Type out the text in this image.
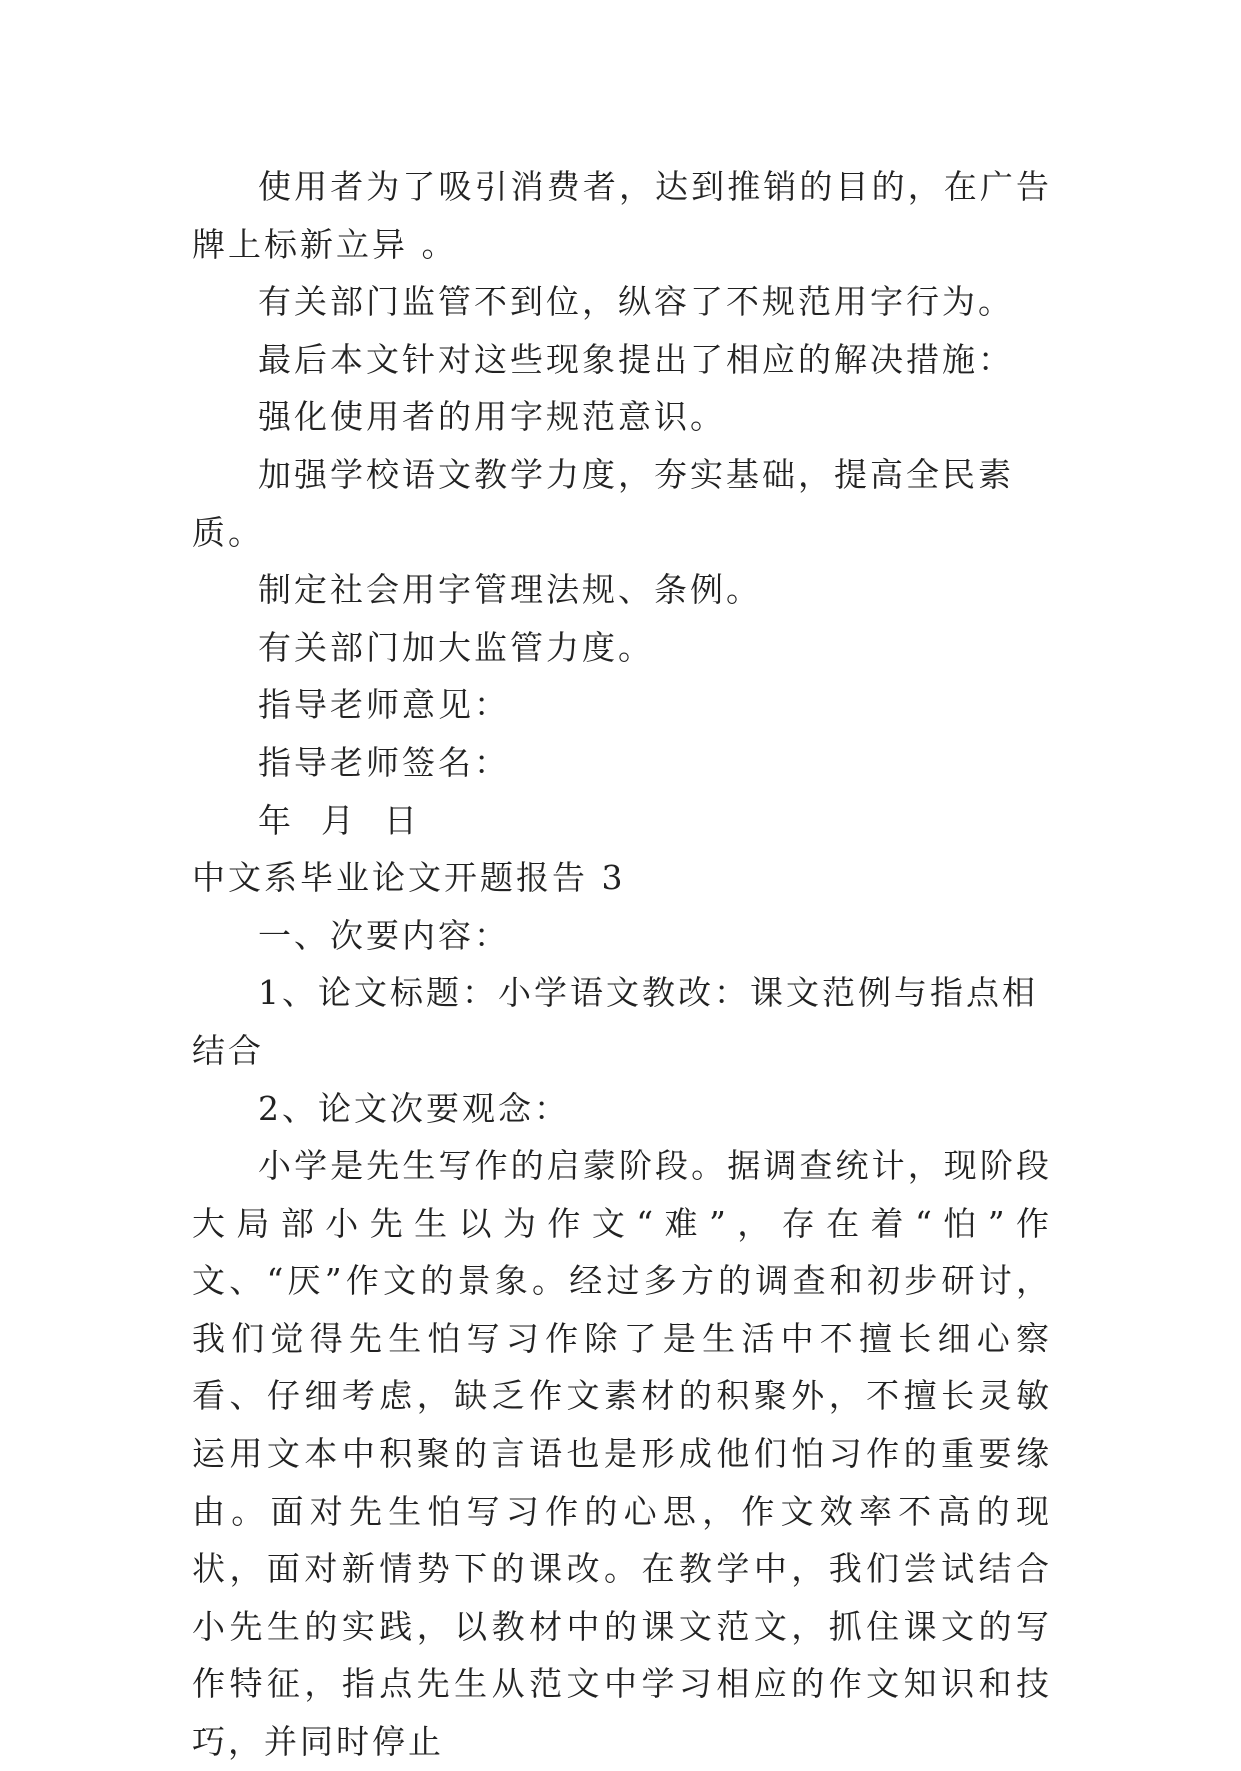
使用者为了吸引消费者，达到推销的目的，在广告牌上标新立异 。

有关部门监管不到位，纵容了不规范用字行为。

最后本文针对这些现象提出了相应的解决措施：

强化使用者的用字规范意识。

加强学校语文教学力度，夯实基础，提高全民素质。

制定社会用字管理法规、条例。

有关部门加大监管力度。

指导老师意见：

指导老师签名：

年  月  日

中文系毕业论文开题报告 3

一、次要内容：

1、论文标题：小学语文教改：课文范例与指点相结合

2、论文次要观念：

小学是先生写作的启蒙阶段。据调查统计，现阶段大局部小先生以为作文“难”，存在着“怕”作文、“厌”作文的景象。经过多方的调查和初步研讨，我们觉得先生怕写习作除了是生活中不擅长细心察看、仔细考虑，缺乏作文素材的积聚外，不擅长灵敏运用文本中积聚的言语也是形成他们怕习作的重要缘由。面对先生怕写习作的心思，作文效率不高的现状，面对新情势下的课改。在教学中，我们尝试结合小先生的实践，以教材中的课文范文，抓住课文的写作特征，指点先生从范文中学习相应的作文知识和技巧，并同时停止
